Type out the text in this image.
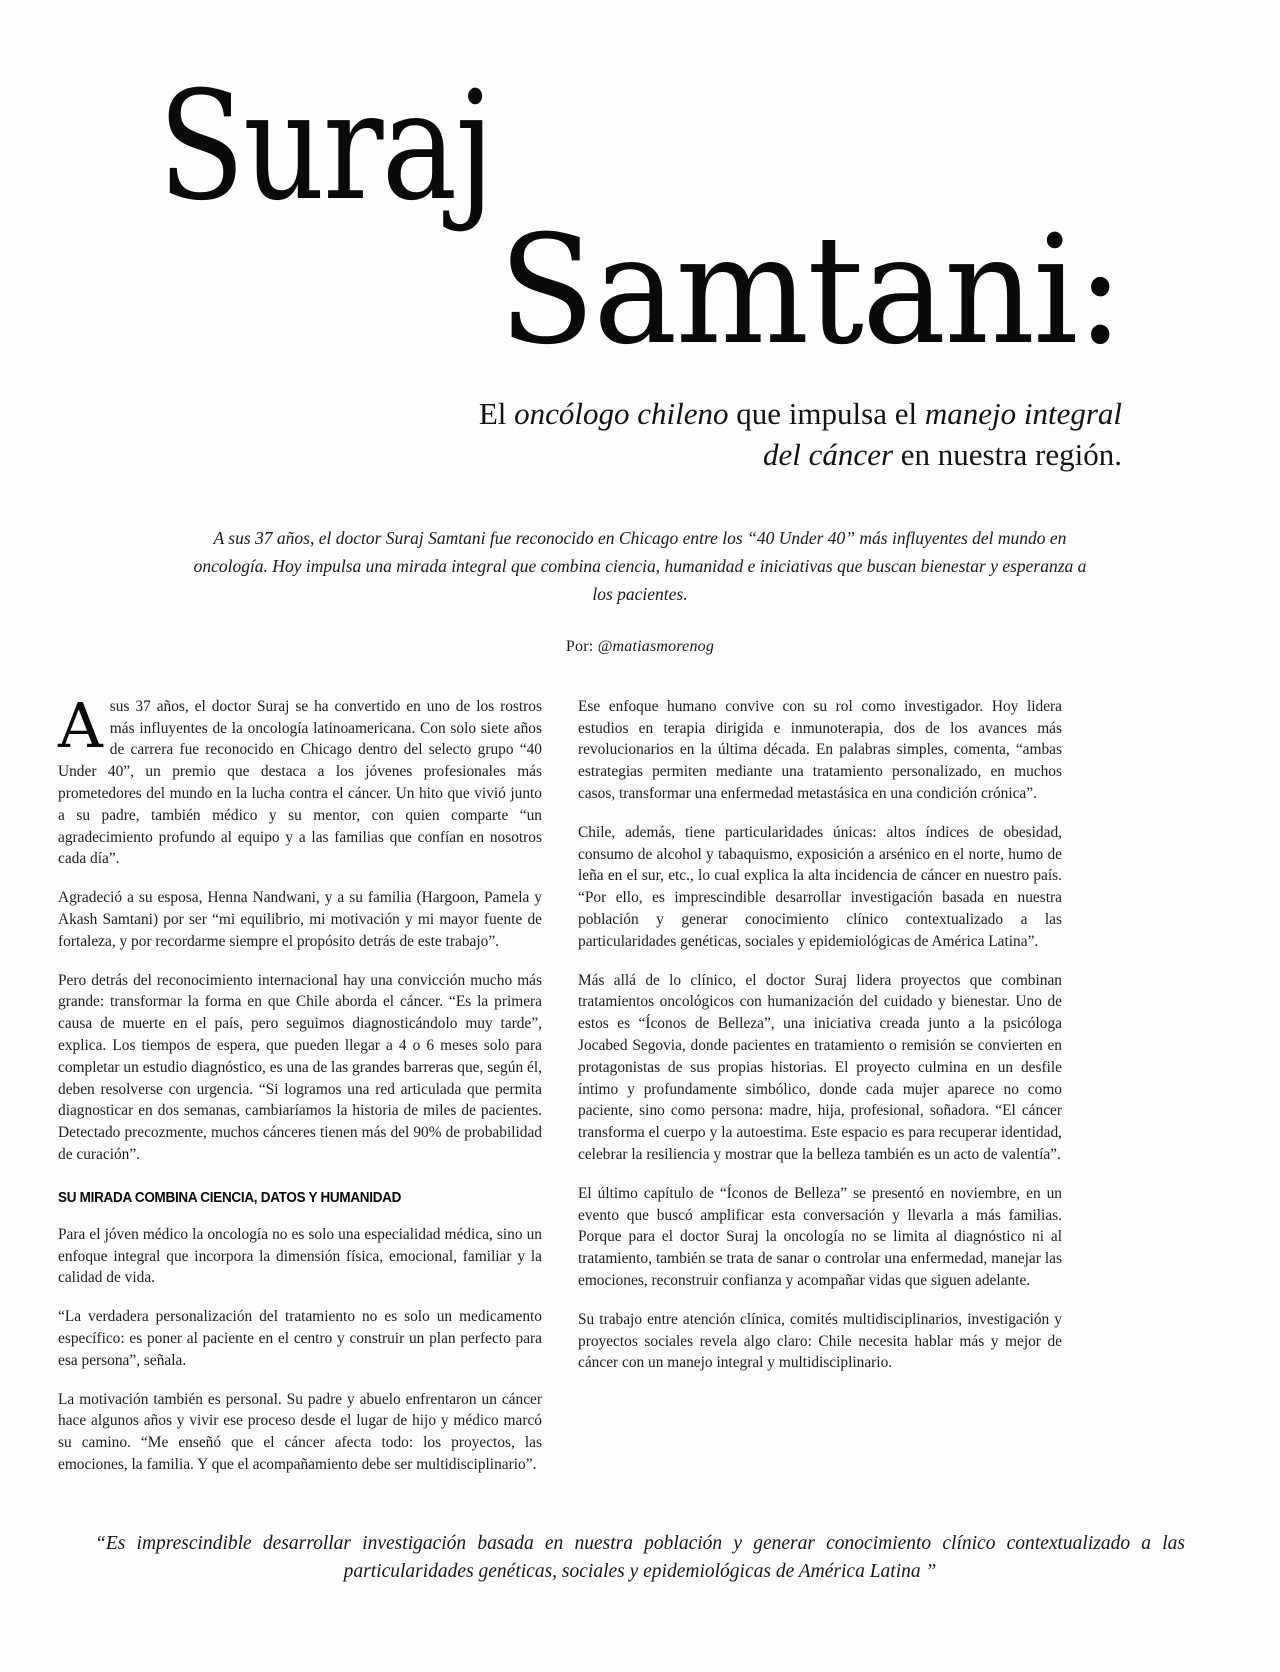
Suraj
Samtani:

El oncólogo chileno que impulsa el manejo integral del cáncer en nuestra región.

A sus 37 años, el doctor Suraj Samtani fue reconocido en Chicago entre los “40 Under 40” más influyentes del mundo en oncología. Hoy impulsa una mirada integral que combina ciencia, humanidad e iniciativas que buscan bienestar y esperanza a los pacientes.

Por: @matiasmorenog

Asus 37 años, el doctor Suraj se ha convertido en uno de los rostros más influyentes de la oncología latinoamericana. Con solo siete años de carrera fue reconocido en Chicago dentro del selecto grupo “40 Under 40”, un premio que destaca a los jóvenes profesionales más prometedores del mundo en la lucha contra el cáncer. Un hito que vivió junto a su padre, también médico y su mentor, con quien comparte “un agradecimiento profundo al equipo y a las familias que confían en nosotros cada día”.

Agradeció a su esposa, Henna Nandwani, y a su familia (Hargoon, Pamela y Akash Samtani) por ser “mi equilibrio, mi motivación y mi mayor fuente de fortaleza, y por recordarme siempre el propósito detrás de este trabajo”.

Pero detrás del reconocimiento internacional hay una convicción mucho más grande: transformar la forma en que Chile aborda el cáncer. “Es la primera causa de muerte en el país, pero seguimos diagnosticándolo muy tarde”, explica. Los tiempos de espera, que pueden llegar a 4 o 6 meses solo para completar un estudio diagnóstico, es una de las grandes barreras que, según él, deben resolverse con urgencia. “Si logramos una red articulada que permita diagnosticar en dos semanas, cambiaríamos la historia de miles de pacientes. Detectado precozmente, muchos cánceres tienen más del 90% de probabilidad de curación”.

SU MIRADA COMBINA CIENCIA, DATOS Y HUMANIDAD

Para el jóven médico la oncología no es solo una especialidad médica, sino un enfoque integral que incorpora la dimensión física, emocional, familiar y la calidad de vida.

“La verdadera personalización del tratamiento no es solo un medicamento específico: es poner al paciente en el centro y construir un plan perfecto para esa persona”, señala.

La motivación también es personal. Su padre y abuelo enfrentaron un cáncer hace algunos años y vivir ese proceso desde el lugar de hijo y médico marcó su camino. “Me enseñó que el cáncer afecta todo: los proyectos, las emociones, la familia. Y que el acompañamiento debe ser multidisciplinario”.

Ese enfoque humano convive con su rol como investigador. Hoy lidera estudios en terapia dirigida e inmunoterapia, dos de los avances más revolucionarios en la última década. En palabras simples, comenta, “ambas estrategias permiten mediante una tratamiento personalizado, en muchos casos, transformar una enfermedad metastásica en una condición crónica”.

Chile, además, tiene particularidades únicas: altos índices de obesidad, consumo de alcohol y tabaquismo, exposición a arsénico en el norte, humo de leña en el sur, etc., lo cual explica la alta incidencia de cáncer en nuestro país. “Por ello, es imprescindible desarrollar investigación basada en nuestra población y generar conocimiento clínico contextualizado a las particularidades genéticas, sociales y epidemiológicas de América Latina”.

Más allá de lo clínico, el doctor Suraj lidera proyectos que combinan tratamientos oncológicos con humanización del cuidado y bienestar. Uno de estos es “Íconos de Belleza”, una iniciativa creada junto a la psicóloga Jocabed Segovia, donde pacientes en tratamiento o remisión se convierten en protagonistas de sus propias historias. El proyecto culmina en un desfile íntimo y profundamente simbólico, donde cada mujer aparece no como paciente, sino como persona: madre, hija, profesional, soñadora. “El cáncer transforma el cuerpo y la autoestima. Este espacio es para recuperar identidad, celebrar la resiliencia y mostrar que la belleza también es un acto de valentía”.

El último capítulo de “Íconos de Belleza” se presentó en noviembre, en un evento que buscó amplificar esta conversación y llevarla a más familias. Porque para el doctor Suraj la oncología no se limita al diagnóstico ni al tratamiento, también se trata de sanar o controlar una enfermedad, manejar las emociones, reconstruir confianza y acompañar vidas que siguen adelante.

Su trabajo entre atención clínica, comités multidisciplinarios, investigación y proyectos sociales revela algo claro: Chile necesita hablar más y mejor de cáncer con un manejo integral y multidisciplinario.

“Es imprescindible desarrollar investigación basada en nuestra población y generar conocimiento clínico contextualizado a las particularidades genéticas, sociales y epidemiológicas de América Latina ”
